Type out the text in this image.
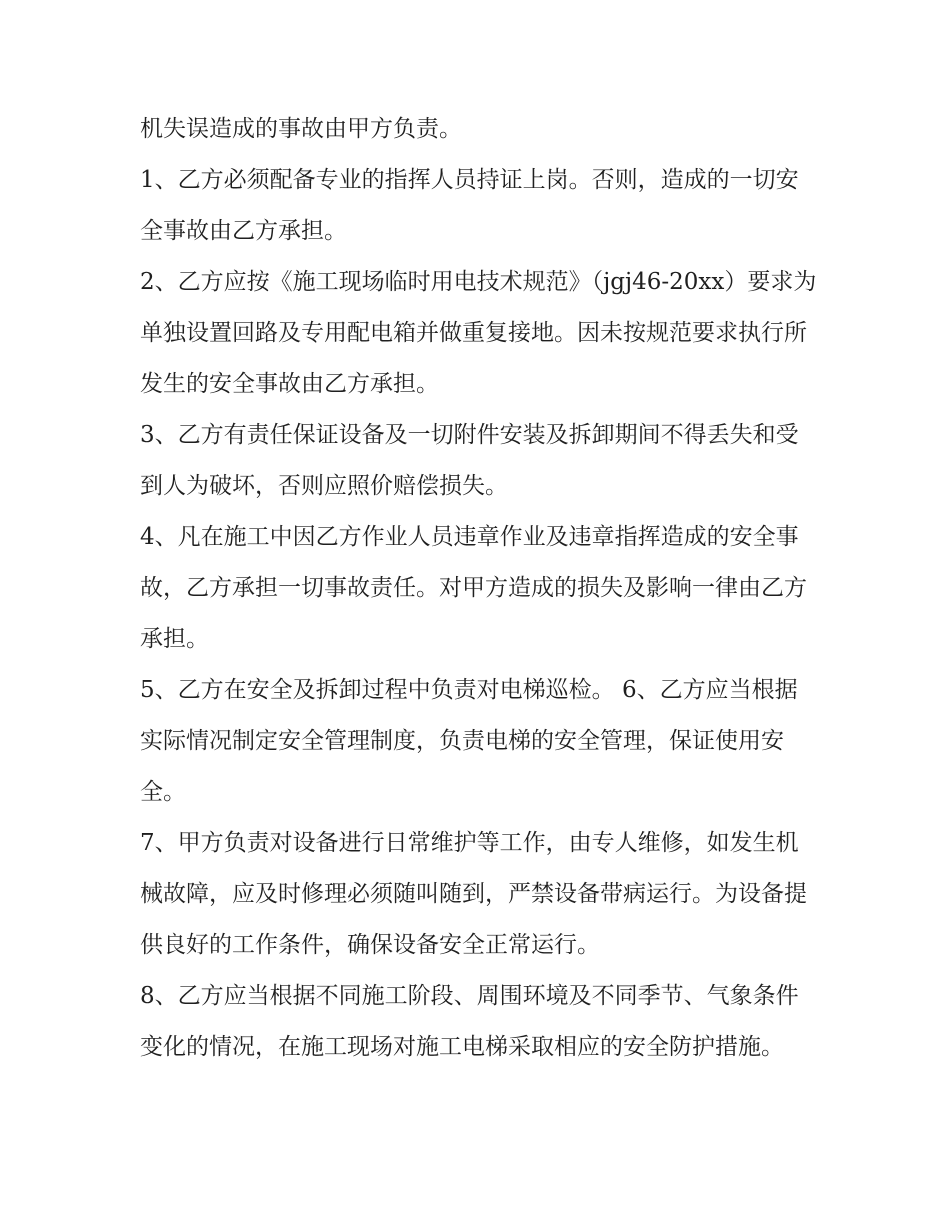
机失误造成的事故由甲方负责。

1、乙方必须配备专业的指挥人员持证上岗。否则，造成的一切安全事故由乙方承担。

2、乙方应按《施工现场临时用电技术规范》（jgj46-20xx）要求为单独设置回路及专用配电箱并做重复接地。因未按规范要求执行所发生的安全事故由乙方承担。

3、乙方有责任保证设备及一切附件安装及拆卸期间不得丢失和受到人为破坏，否则应照价赔偿损失。

4、凡在施工中因乙方作业人员违章作业及违章指挥造成的安全事故，乙方承担一切事故责任。对甲方造成的损失及影响一律由乙方承担。

5、乙方在安全及拆卸过程中负责对电梯巡检。 6、乙方应当根据实际情况制定安全管理制度，负责电梯的安全管理，保证使用安全。

7、甲方负责对设备进行日常维护等工作，由专人维修，如发生机械故障，应及时修理必须随叫随到，严禁设备带病运行。为设备提供良好的工作条件，确保设备安全正常运行。

8、乙方应当根据不同施工阶段、周围环境及不同季节、气象条件变化的情况，在施工现场对施工电梯采取相应的安全防护措施。
